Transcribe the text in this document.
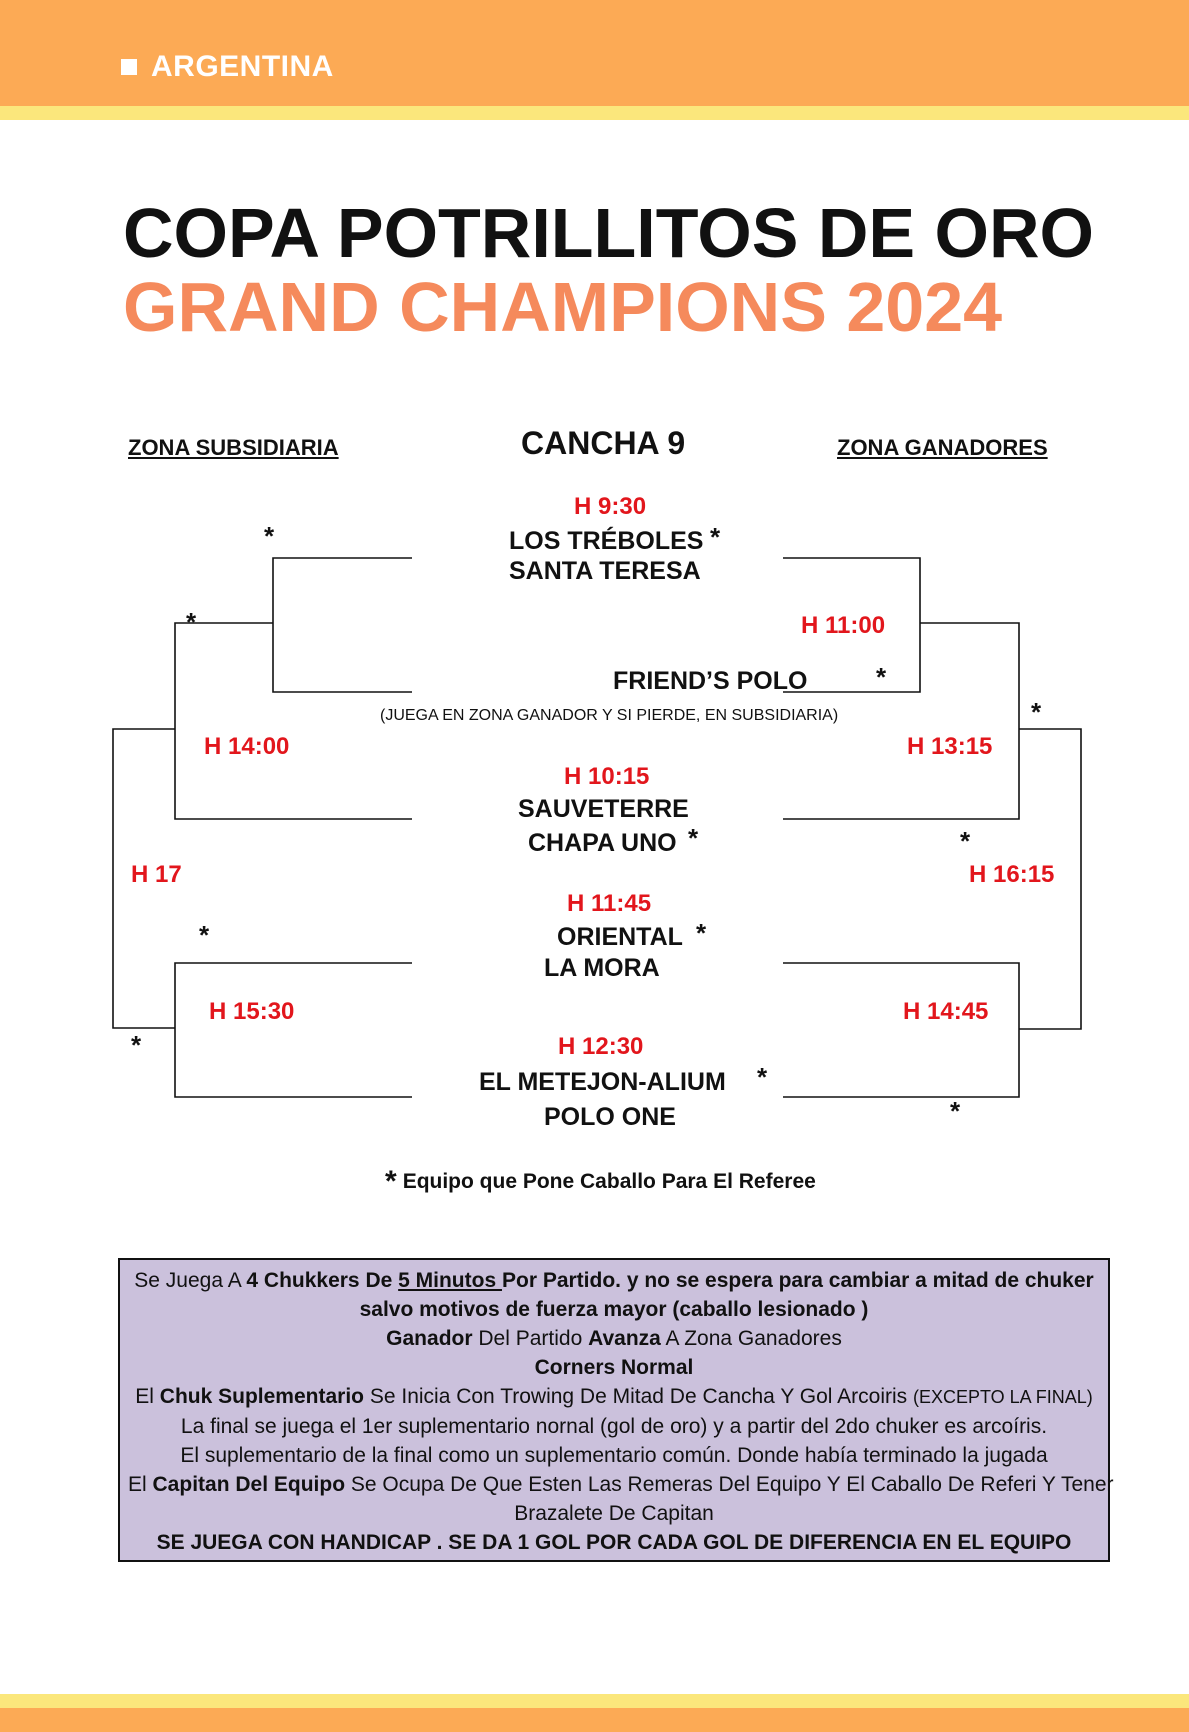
ARGENTINA
COPA POTRILLITOS DE ORO
GRAND CHAMPIONS 2024
ZONA SUBSIDIARIA	CANCHA 9	ZONA GANADORES
H 9:30
LOS TRÉBOLES *
SANTA TERESA
FRIEND’S POLO
(JUEGA EN ZONA GANADOR Y SI PIERDE, EN SUBSIDIARIA)
H 10:15
SAUVETERRE
CHAPA UNO *
H 11:45
ORIENTAL *
LA MORA
H 12:30
EL METEJON-ALIUM *
POLO ONE
H 14:00
H 17
H 15:30
H 11:00
H 13:15
H 16:15
H 14:45
*
*
*
*
*
*
*
*
* Equipo que Pone Caballo Para El Referee
Se Juega A 4 Chukkers De 5 Minutos Por Partido. y no se espera para cambiar a mitad de chuker
salvo motivos de fuerza mayor (caballo lesionado )
Ganador Del Partido Avanza A Zona Ganadores
Corners Normal
El Chuk Suplementario Se Inicia Con Trowing De Mitad De Cancha Y Gol Arcoiris (EXCEPTO LA FINAL)
La final se juega el 1er suplementario nornal (gol de oro) y a partir del 2do chuker es arcoíris.
El suplementario de la final como un suplementario común. Donde había terminado la jugada
El Capitan Del Equipo Se Ocupa De Que Esten Las Remeras Del Equipo Y El Caballo De Referi Y Tener
Brazalete De Capitan
SE JUEGA CON HANDICAP . SE DA 1 GOL POR CADA GOL DE DIFERENCIA EN EL EQUIPO
